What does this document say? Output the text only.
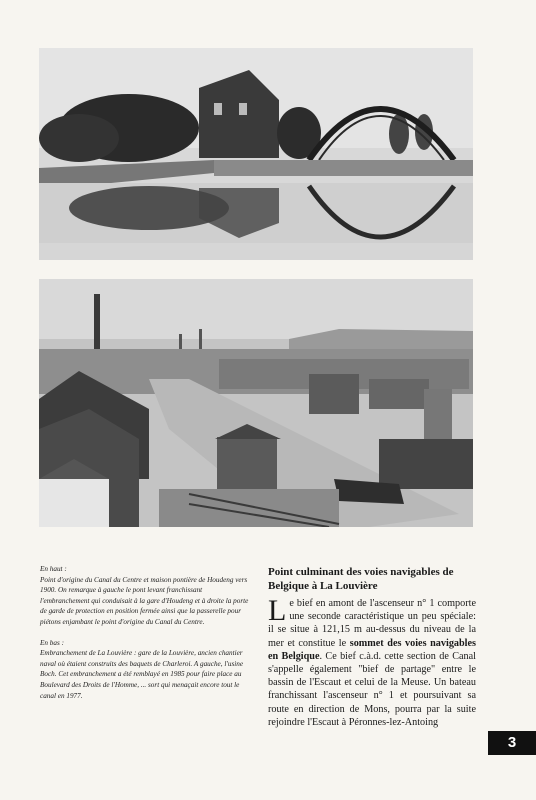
En haut :
Point d'origine du Canal du Centre et maison pontière de Houdeng vers 1900. On remarque à gauche le pont levant franchissant l'embranchement qui conduisait à la gare d'Houdeng et à droite la porte de garde de protection en position fermée ainsi que la passerelle pour piétons enjambant le point d'origine du Canal du Centre.

En bas :
Embranchement de La Louvière : gare de la Louvière, ancien chantier naval où étaient construits des baquets de Charleroi. A gauche, l'usine Boch. Cet embranchement a été remblayé en 1985 pour faire place au Boulevard des Droits de l'Homme, ... sort qui menaçait encore tout le canal en 1977.

Point culminant des voies navigables de Belgique à La Louvière

Le bief en amont de l'ascenseur n° 1 comporte une seconde caractéristique un peu spéciale: il se situe à 121,15 m au-dessus du niveau de la mer et constitue le sommet des voies navigables en Belgique. Ce bief c.à.d. cette section de Canal s'appelle également "bief de partage" entre le bassin de l'Escaut et celui de la Meuse. Un bateau franchissant l'ascenseur n° 1 et poursuivant sa route en direction de Mons, pourra par la suite rejoindre l'Escaut à Péronnes-lez-Antoing

3
